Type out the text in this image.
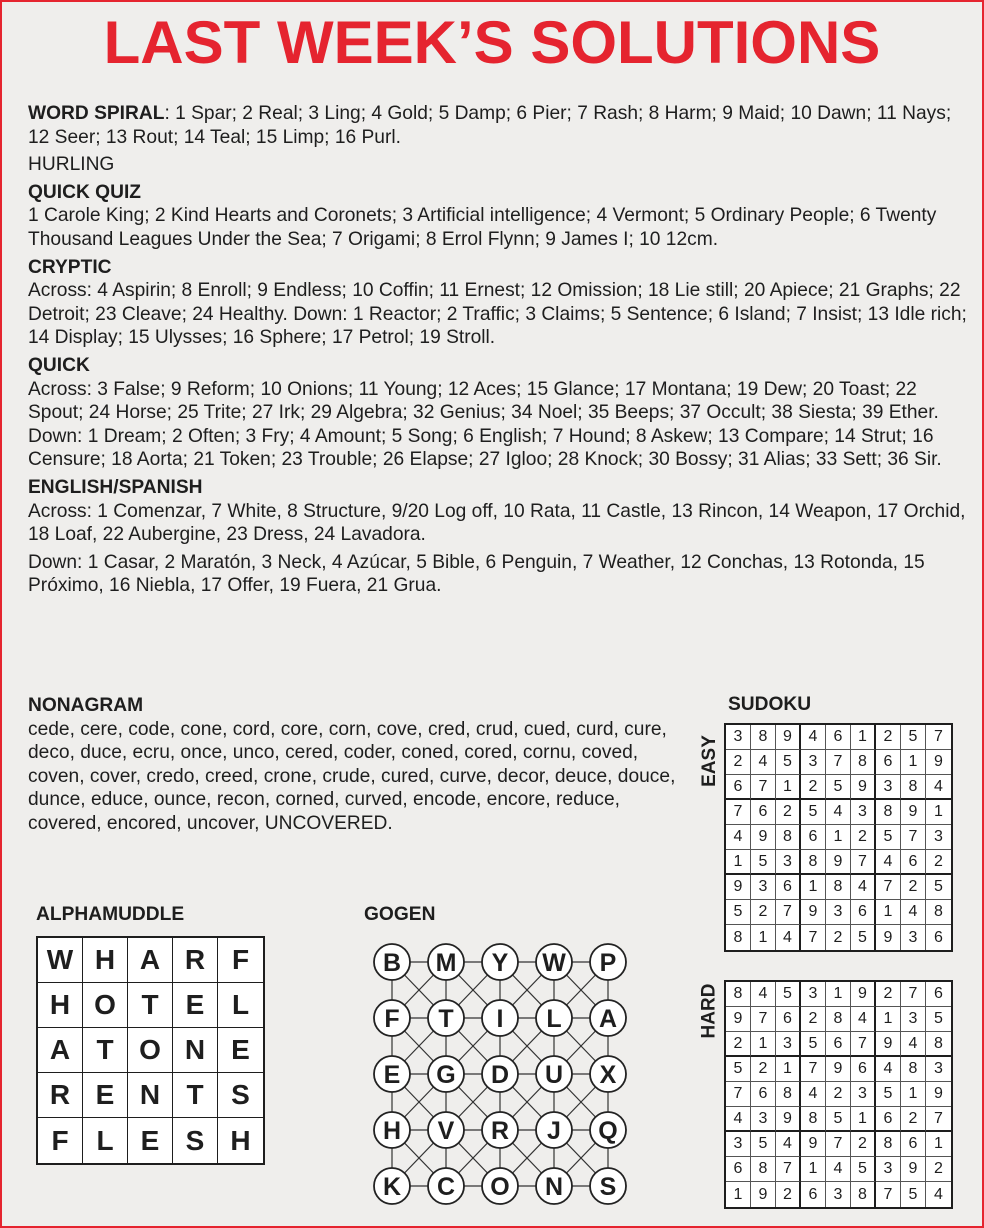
LAST WEEK’S SOLUTIONS

WORD SPIRAL: 1 Spar; 2 Real; 3 Ling; 4 Gold; 5 Damp; 6 Pier; 7 Rash; 8 Harm; 9 Maid; 10 Dawn; 11 Nays; 12 Seer; 13 Rout; 14 Teal; 15 Limp; 16 Purl.

HURLING

QUICK QUIZ

1 Carole King; 2 Kind Hearts and Coronets; 3 Artificial intelligence; 4 Vermont; 5 Ordinary People; 6 Twenty Thousand Leagues Under the Sea; 7 Origami; 8 Errol Flynn; 9 James I; 10 12cm.

CRYPTIC

Across: 4 Aspirin; 8 Enroll; 9 Endless; 10 Coffin; 11 Ernest; 12 Omission; 18 Lie still; 20 Apiece; 21 Graphs; 22 Detroit; 23 Cleave; 24 Healthy. Down: 1 Reactor; 2 Traffic; 3 Claims; 5 Sentence; 6 Island; 7 Insist; 13 Idle rich; 14 Display; 15 Ulysses; 16 Sphere; 17 Petrol; 19 Stroll.

QUICK

Across: 3 False; 9 Reform; 10 Onions; 11 Young; 12 Aces; 15 Glance; 17 Montana; 19 Dew; 20 Toast; 22 Spout; 24 Horse; 25 Trite; 27 Irk; 29 Algebra; 32 Genius; 34 Noel; 35 Beeps; 37 Occult; 38 Siesta; 39 Ether. Down: 1 Dream; 2 Often; 3 Fry; 4 Amount; 5 Song; 6 English; 7 Hound; 8 Askew; 13 Compare; 14 Strut; 16 Censure; 18 Aorta; 21 Token; 23 Trouble; 26 Elapse; 27 Igloo; 28 Knock; 30 Bossy; 31 Alias; 33 Sett; 36 Sir.

ENGLISH/SPANISH

Across: 1 Comenzar, 7 White, 8 Structure, 9/20 Log off, 10 Rata, 11 Castle, 13 Rincon, 14 Weapon, 17 Orchid, 18 Loaf, 22 Aubergine, 23 Dress, 24 Lavadora.

Down: 1 Casar, 2 Maratón, 3 Neck, 4 Azúcar, 5 Bible, 6 Penguin, 7 Weather, 12 Conchas, 13 Rotonda, 15 Próximo, 16 Niebla, 17 Offer, 19 Fuera, 21 Grua.

NONAGRAM

cede, cere, code, cone, cord, core, corn, cove, cred, crud, cued, curd, cure, deco, duce, ecru, once, unco, cered, coder, coned, cored, cornu, coved, coven, cover, credo, creed, crone, crude, cured, curve, decor, deuce, douce, dunce, educe, ounce, recon, corned, curved, encode, encore, reduce, covered, encored, uncover, UNCOVERED.

ALPHAMUDDLE
W H A R F
H O T E L
A T O N E
R E N T S
F L E S H
GOGEN
B M Y W P
F T I L A
E G D U X
H V R J Q
K C O N S
SUDOKU
EASY 3	8 9	4	6 1	2	5	7
2	4 5	3	7 8	6	1	9
6	7 1	2	5 9	3	8	4
7	6 2	5	4 3	8	9	1
4	9 8	6	1 2	5	7	3
1	5 3	8	9 7	4	6	2
9	3 6	1	8 4	7	2	5
5	2 7	9	3 6	1	4	8
8	1 4	7	2 5	9	3	6
HARD 8	4 5	3	1 9	2	7	6
9	7 6	2	8 4	1	3	5
2	1 3	5	6 7	9	4	8
5	2 1	7	9 6	4	8	3
7	6 8	4	2 3	5	1	9
4	3 9	8	5 1	6	2	7
3	5 4	9	7 2	8	6	1
6	8 7	1	4 5	3	9	2
1	9 2	6	3 8	7	5	4
